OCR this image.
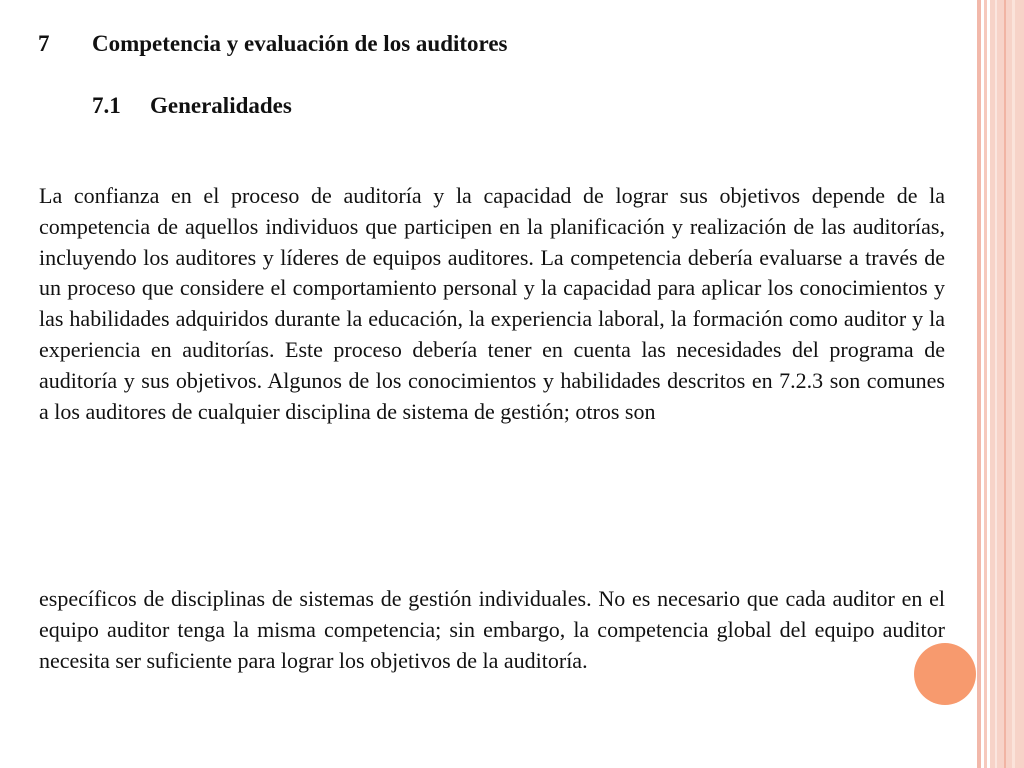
7 Competencia y evaluación de los auditores
7.1 Generalidades

La confianza en el proceso de auditoría y la capacidad de lograr sus objetivos depende de la competencia de aquellos individuos que participen en la planificación y realización de las auditorías, incluyendo los auditores y líderes de equipos auditores. La competencia debería evaluarse a través de un proceso que considere el comportamiento personal y la capacidad para aplicar los conocimientos y las habilidades adquiridos durante la educación, la experiencia laboral, la formación como auditor y la experiencia en auditorías. Este proceso debería tener en cuenta las necesidades del programa de auditoría y sus objetivos. Algunos de los conocimientos y habilidades descritos en 7.2.3 son comunes a los auditores de cualquier disciplina de sistema de gestión; otros son

específicos de disciplinas de sistemas de gestión individuales. No es necesario que cada auditor en el equipo auditor tenga la misma competencia; sin embargo, la competencia global del equipo auditor necesita ser suficiente para lograr los objetivos de la auditoría.
